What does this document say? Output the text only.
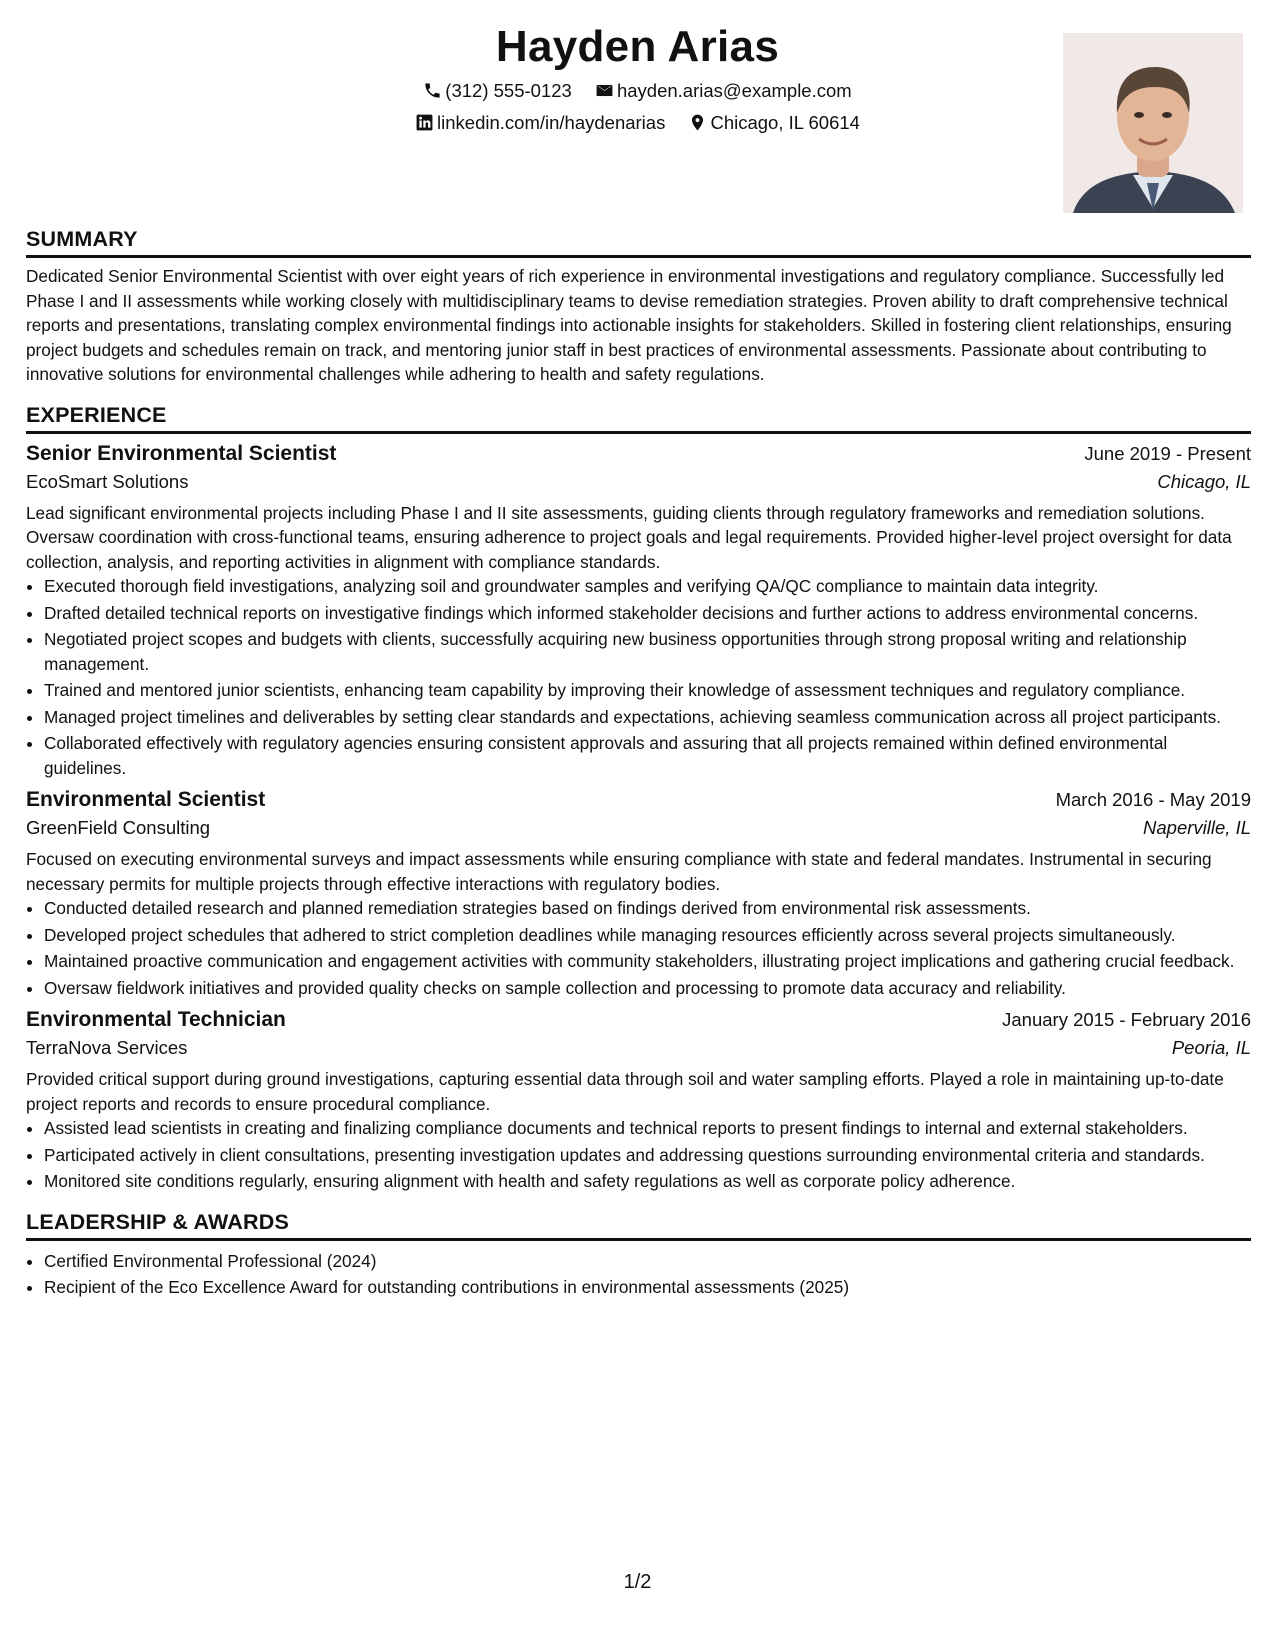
Hayden Arias
(312) 555-0123 hayden.arias@example.com
linkedin.com/in/haydenarias Chicago, IL 60614
SUMMARY

Dedicated Senior Environmental Scientist with over eight years of rich experience in environmental investigations and regulatory compliance. Successfully led Phase I and II assessments while working closely with multidisciplinary teams to devise remediation strategies. Proven ability to draft comprehensive technical reports and presentations, translating complex environmental findings into actionable insights for stakeholders. Skilled in fostering client relationships, ensuring project budgets and schedules remain on track, and mentoring junior staff in best practices of environmental assessments. Passionate about contributing to innovative solutions for environmental challenges while adhering to health and safety regulations.

EXPERIENCE
Senior Environmental Scientist	June 2019 - Present
EcoSmart Solutions	Chicago, IL

Lead significant environmental projects including Phase I and II site assessments, guiding clients through regulatory frameworks and remediation solutions. Oversaw coordination with cross-functional teams, ensuring adherence to project goals and legal requirements. Provided higher-level project oversight for data collection, analysis, and reporting activities in alignment with compliance standards.

• Executed thorough field investigations, analyzing soil and groundwater samples and verifying QA/QC compliance to maintain data integrity.
• Drafted detailed technical reports on investigative findings which informed stakeholder decisions and further actions to address environmental concerns.
• Negotiated project scopes and budgets with clients, successfully acquiring new business opportunities through strong proposal writing and relationship management.
• Trained and mentored junior scientists, enhancing team capability by improving their knowledge of assessment techniques and regulatory compliance.
• Managed project timelines and deliverables by setting clear standards and expectations, achieving seamless communication across all project participants.
• Collaborated effectively with regulatory agencies ensuring consistent approvals and assuring that all projects remained within defined environmental guidelines.
Environmental Scientist	March 2016 - May 2019
GreenField Consulting	Naperville, IL

Focused on executing environmental surveys and impact assessments while ensuring compliance with state and federal mandates. Instrumental in securing necessary permits for multiple projects through effective interactions with regulatory bodies.

• Conducted detailed research and planned remediation strategies based on findings derived from environmental risk assessments.
• Developed project schedules that adhered to strict completion deadlines while managing resources efficiently across several projects simultaneously.
• Maintained proactive communication and engagement activities with community stakeholders, illustrating project implications and gathering crucial feedback.
• Oversaw fieldwork initiatives and provided quality checks on sample collection and processing to promote data accuracy and reliability.
Environmental Technician	January 2015 - February 2016
TerraNova Services	Peoria, IL

Provided critical support during ground investigations, capturing essential data through soil and water sampling efforts. Played a role in maintaining up-to-date project reports and records to ensure procedural compliance.

• Assisted lead scientists in creating and finalizing compliance documents and technical reports to present findings to internal and external stakeholders.
• Participated actively in client consultations, presenting investigation updates and addressing questions surrounding environmental criteria and standards.
• Monitored site conditions regularly, ensuring alignment with health and safety regulations as well as corporate policy adherence.
LEADERSHIP & AWARDS
• Certified Environmental Professional (2024)
• Recipient of the Eco Excellence Award for outstanding contributions in environmental assessments (2025)
1/2
